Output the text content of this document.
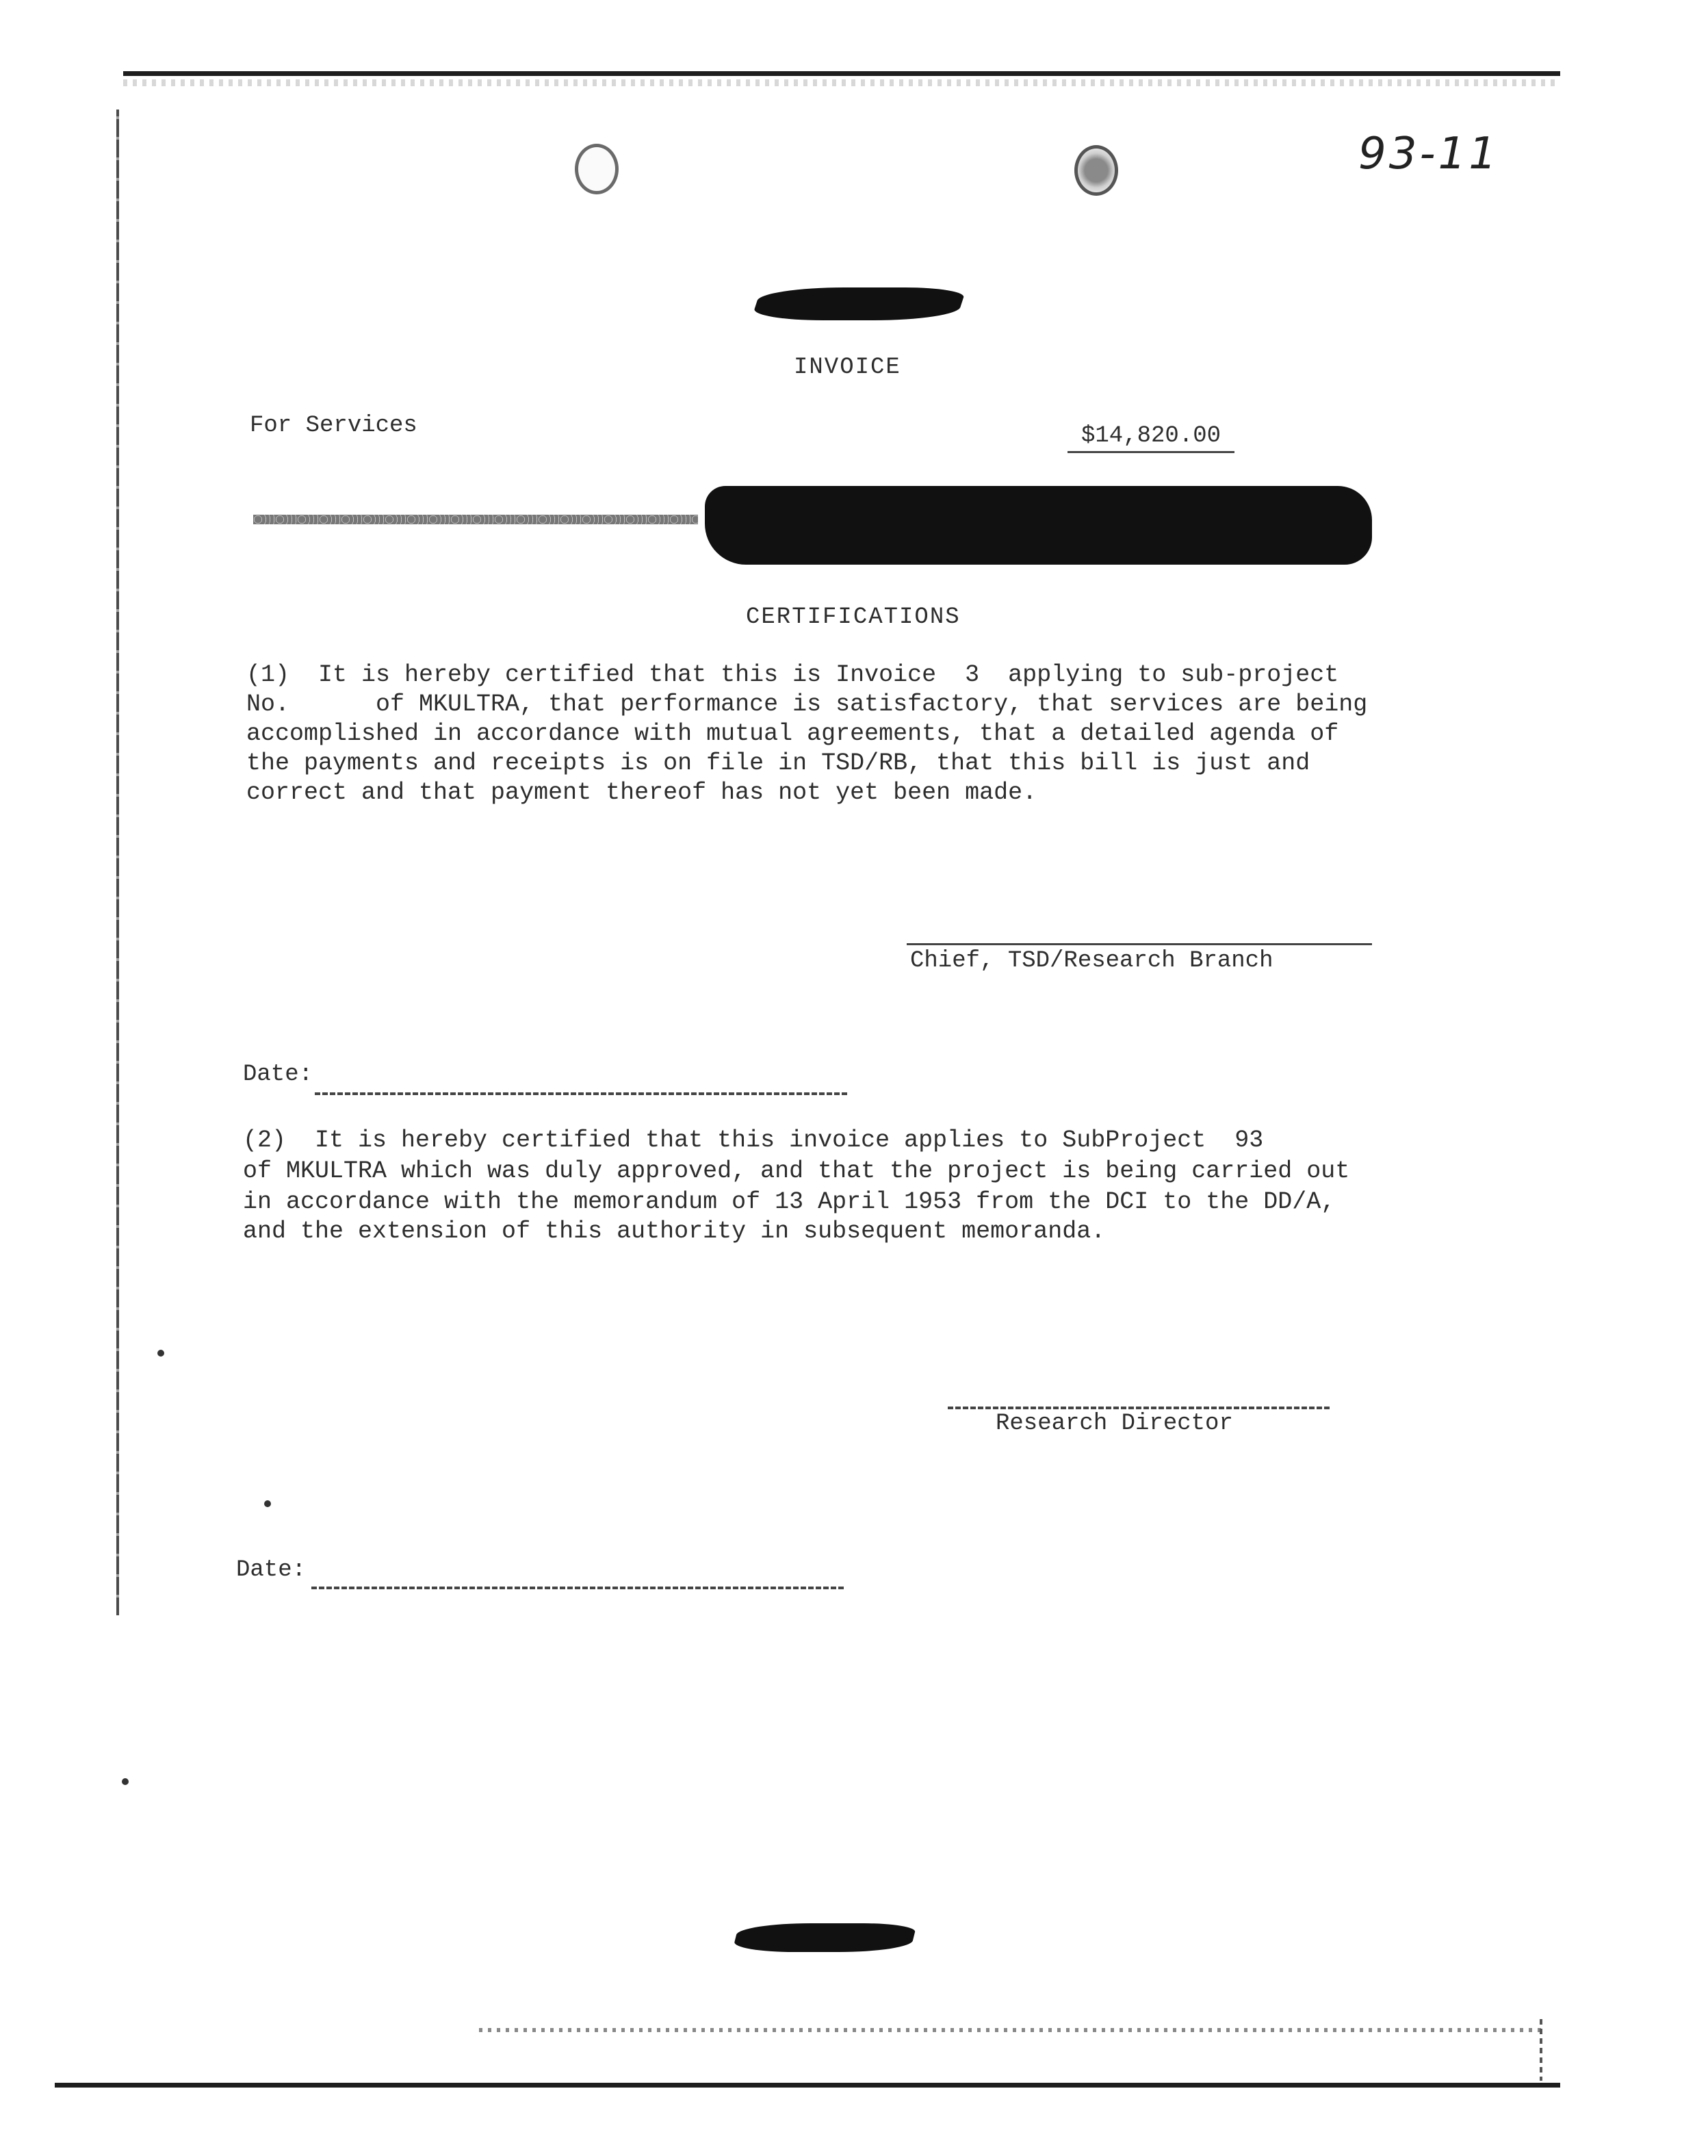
93-11
INVOICE
For Services	$14,820.00
CERTIFICATIONS
(1)  It is hereby certified that this is Invoice  3  applying to sub-project
No.      of MKULTRA, that performance is satisfactory, that services are being
accomplished in accordance with mutual agreements, that a detailed agenda of
the payments and receipts is on file in TSD/RB, that this bill is just and
correct and that payment thereof has not yet been made.
Chief, TSD/Research Branch
Date:
(2)  It is hereby certified that this invoice applies to SubProject  93
of MKULTRA which was duly approved, and that the project is being carried out
in accordance with the memorandum of 13 April 1953 from the DCI to the DD/A,
and the extension of this authority in subsequent memoranda.
Research Director
Date:
